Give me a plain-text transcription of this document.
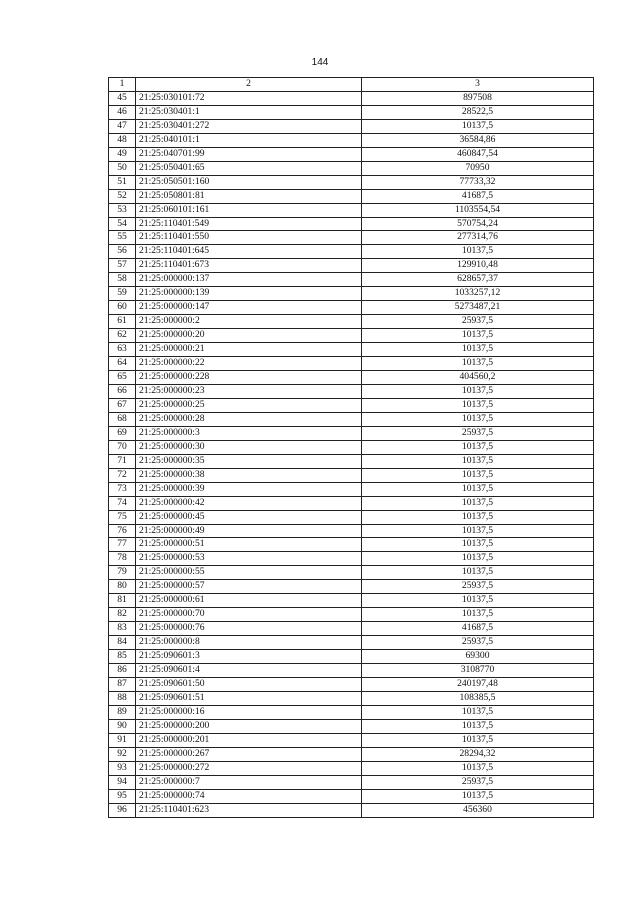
144
1	2	3
45	21:25:030101:72	897508
46	21:25:030401:1	28522,5
47	21:25:030401:272	10137,5
48	21:25:040101:1	36584,86
49	21:25:040701:99	460847,54
50	21:25:050401:65	70950
51	21:25:050501:160	77733,32
52	21:25:050801:81	41687,5
53	21:25:060101:161	1103554,54
54	21:25:110401:549	570754,24
55	21:25:110401:550	277314,76
56	21:25:110401:645	10137,5
57	21:25:110401:673	129910,48
58	21:25:000000:137	628657,37
59	21:25:000000:139	1033257,12
60	21:25:000000:147	5273487,21
61	21:25:000000:2	25937,5
62	21:25:000000:20	10137,5
63	21:25:000000:21	10137,5
64	21:25:000000:22	10137,5
65	21:25:000000:228	404560,2
66	21:25:000000:23	10137,5
67	21:25:000000:25	10137,5
68	21:25:000000:28	10137,5
69	21:25:000000:3	25937,5
70	21:25:000000:30	10137,5
71	21:25:000000:35	10137,5
72	21:25:000000:38	10137,5
73	21:25:000000:39	10137,5
74	21:25:000000:42	10137,5
75	21:25:000000:45	10137,5
76	21:25:000000:49	10137,5
77	21:25:000000:51	10137,5
78	21:25:000000:53	10137,5
79	21:25:000000:55	10137,5
80	21:25:000000:57	25937,5
81	21:25:000000:61	10137,5
82	21:25:000000:70	10137,5
83	21:25:000000:76	41687,5
84	21:25:000000:8	25937,5
85	21:25:090601:3	69300
86	21:25:090601:4	3108770
87	21:25:090601:50	240197,48
88	21:25:090601:51	108385,5
89	21:25:000000:16	10137,5
90	21:25:000000:200	10137,5
91	21:25:000000:201	10137,5
92	21:25:000000:267	28294,32
93	21:25:000000:272	10137,5
94	21:25:000000:7	25937,5
95	21:25:000000:74	10137,5
96	21:25:110401:623	456360
